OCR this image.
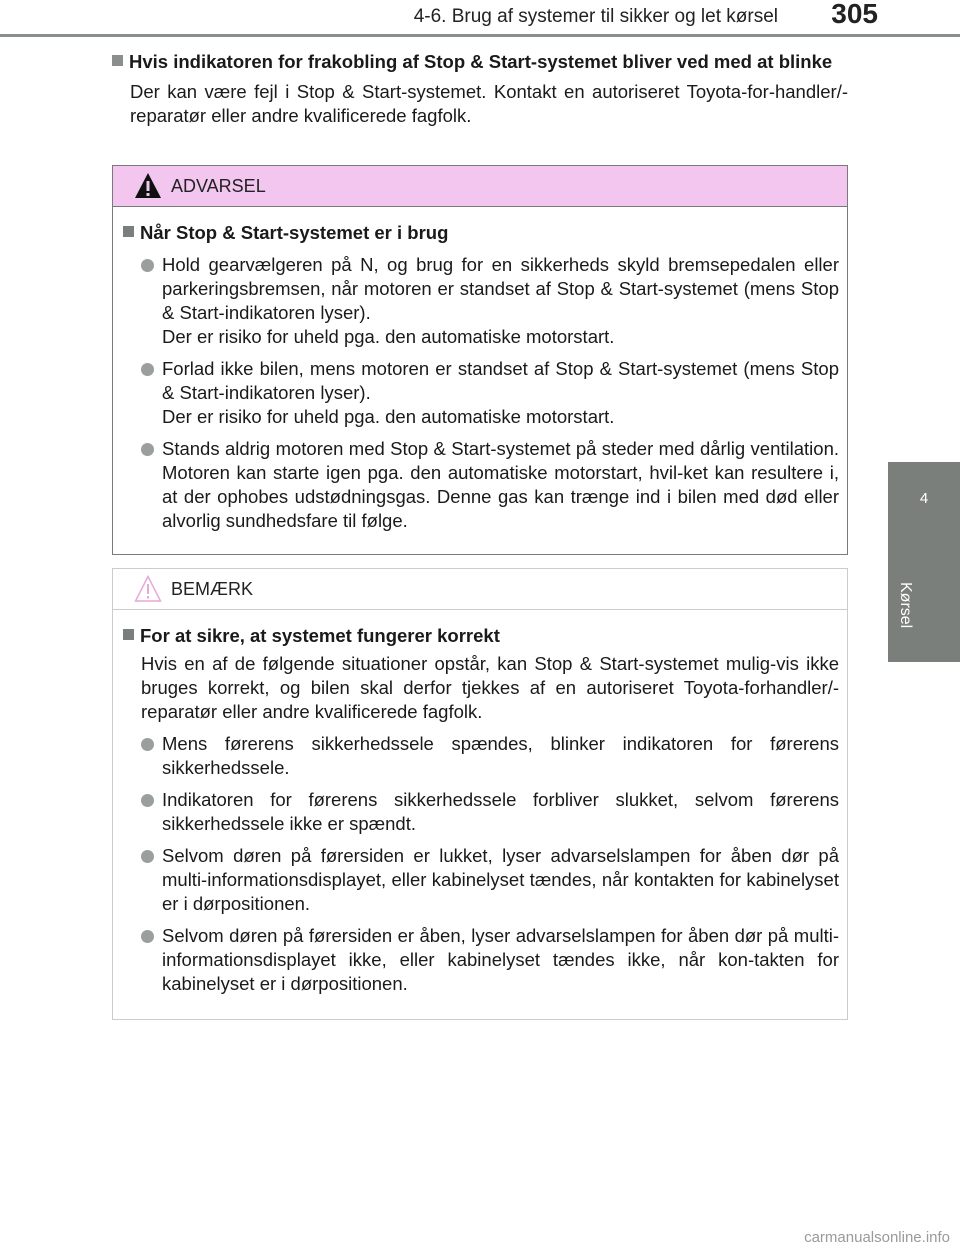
4-6. Brug af systemer til sikker og let kørsel 305
4
Kørsel
Hvis indikatoren for frakobling af Stop & Start-systemet bliver ved med at blinke
Der kan være fejl i Stop & Start-systemet. Kontakt en autoriseret Toyota-for-handler/-reparatør eller andre kvalificerede fagfolk.
ADVARSEL
Når Stop & Start-systemet er i brug
Hold gearvælgeren på N, og brug for en sikkerheds skyld bremsepedalen eller parkeringsbremsen, når motoren er standset af Stop & Start-systemet (mens Stop & Start-indikatoren lyser).
Der er risiko for uheld pga. den automatiske motorstart.
Forlad ikke bilen, mens motoren er standset af Stop & Start-systemet (mens Stop & Start-indikatoren lyser).
Der er risiko for uheld pga. den automatiske motorstart.
Stands aldrig motoren med Stop & Start-systemet på steder med dårlig ventilation. Motoren kan starte igen pga. den automatiske motorstart, hvil-ket kan resultere i, at der ophobes udstødningsgas. Denne gas kan trænge ind i bilen med død eller alvorlig sundhedsfare til følge.
BEMÆRK
For at sikre, at systemet fungerer korrekt
Hvis en af de følgende situationer opstår, kan Stop & Start-systemet mulig-vis ikke bruges korrekt, og bilen skal derfor tjekkes af en autoriseret Toyota-forhandler/-reparatør eller andre kvalificerede fagfolk.
Mens førerens sikkerhedssele spændes, blinker indikatoren for førerens sikkerhedssele.
Indikatoren for førerens sikkerhedssele forbliver slukket, selvom førerens sikkerhedssele ikke er spændt.
Selvom døren på førersiden er lukket, lyser advarselslampen for åben dør på multi-informationsdisplayet, eller kabinelyset tændes, når kontakten for kabinelyset er i dørpositionen.
Selvom døren på førersiden er åben, lyser advarselslampen for åben dør på multi-informationsdisplayet ikke, eller kabinelyset tændes ikke, når kon-takten for kabinelyset er i dørpositionen.
carmanualsonline.info
